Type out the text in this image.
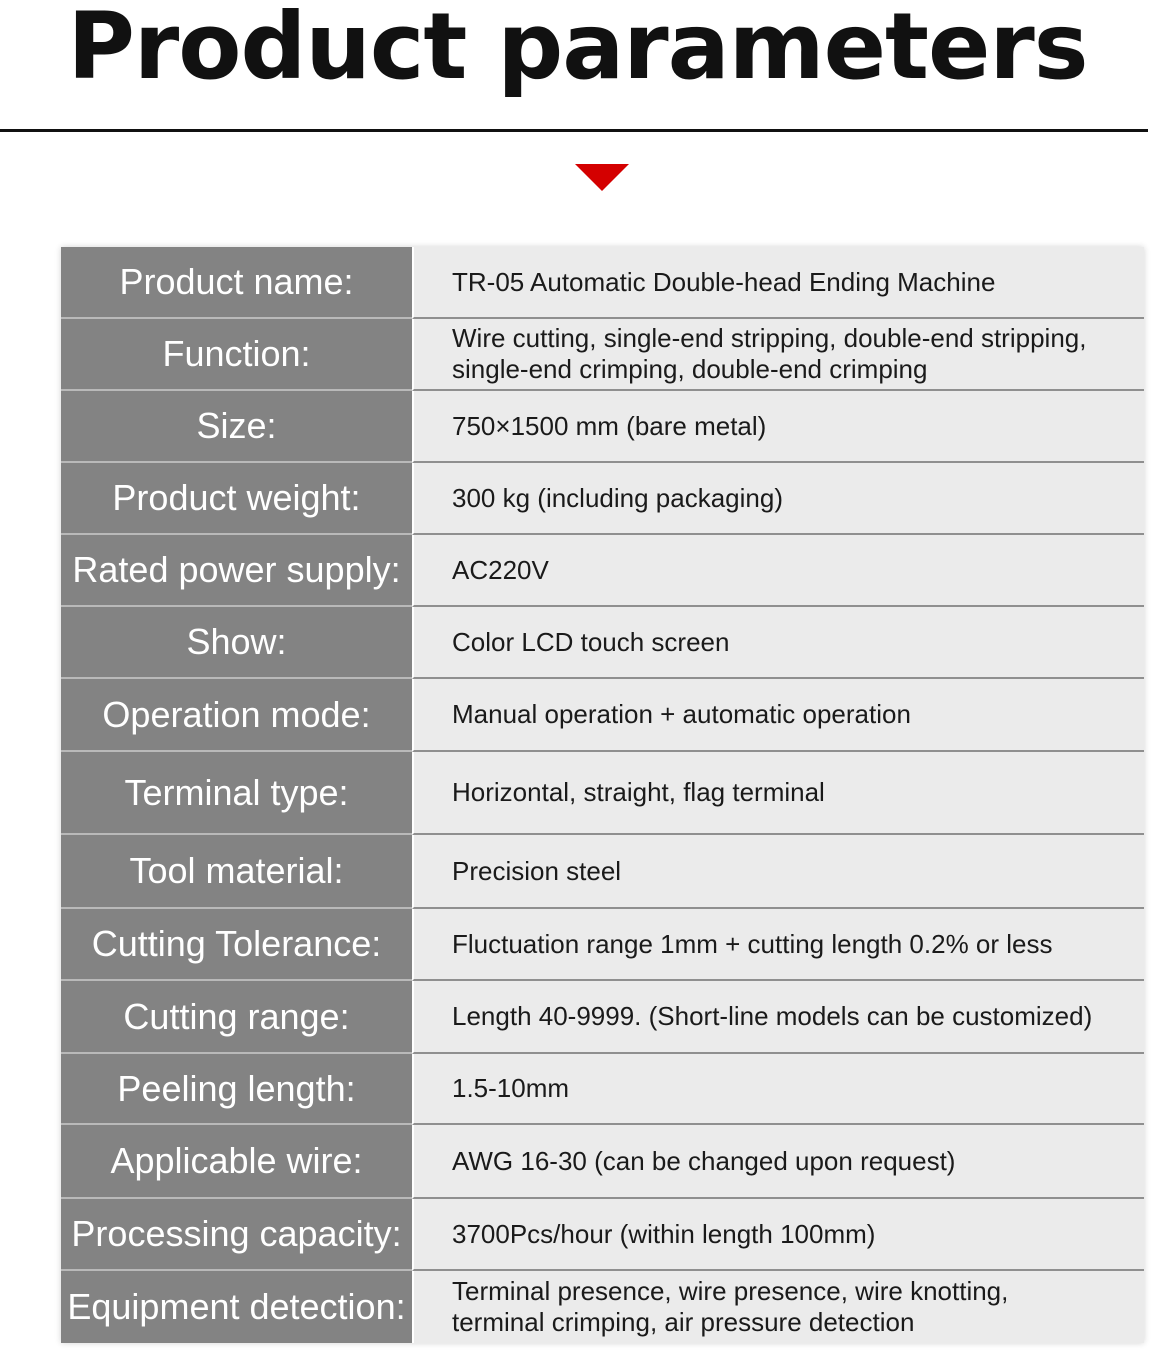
Product parameters
Product name:	TR-05 Automatic Double-head Ending Machine
Function:	Wire cutting, single-end stripping, double-end stripping,
single-end crimping, double-end crimping
Size:	750×1500 mm (bare metal)
Product weight:	300 kg (including packaging)
Rated power supply:	AC220V
Show:	Color LCD touch screen
Operation mode:	Manual operation + automatic operation
Terminal type:	Horizontal, straight, flag terminal
Tool material:	Precision steel
Cutting Tolerance:	Fluctuation range 1mm + cutting length 0.2% or less
Cutting range:	Length 40-9999. (Short-line models can be customized)
Peeling length:	1.5-10mm
Applicable wire:	AWG 16-30 (can be changed upon request)
Processing capacity:	3700Pcs/hour (within length 100mm)
Equipment detection: Terminal presence, wire presence, wire knotting,
terminal crimping, air pressure detection
